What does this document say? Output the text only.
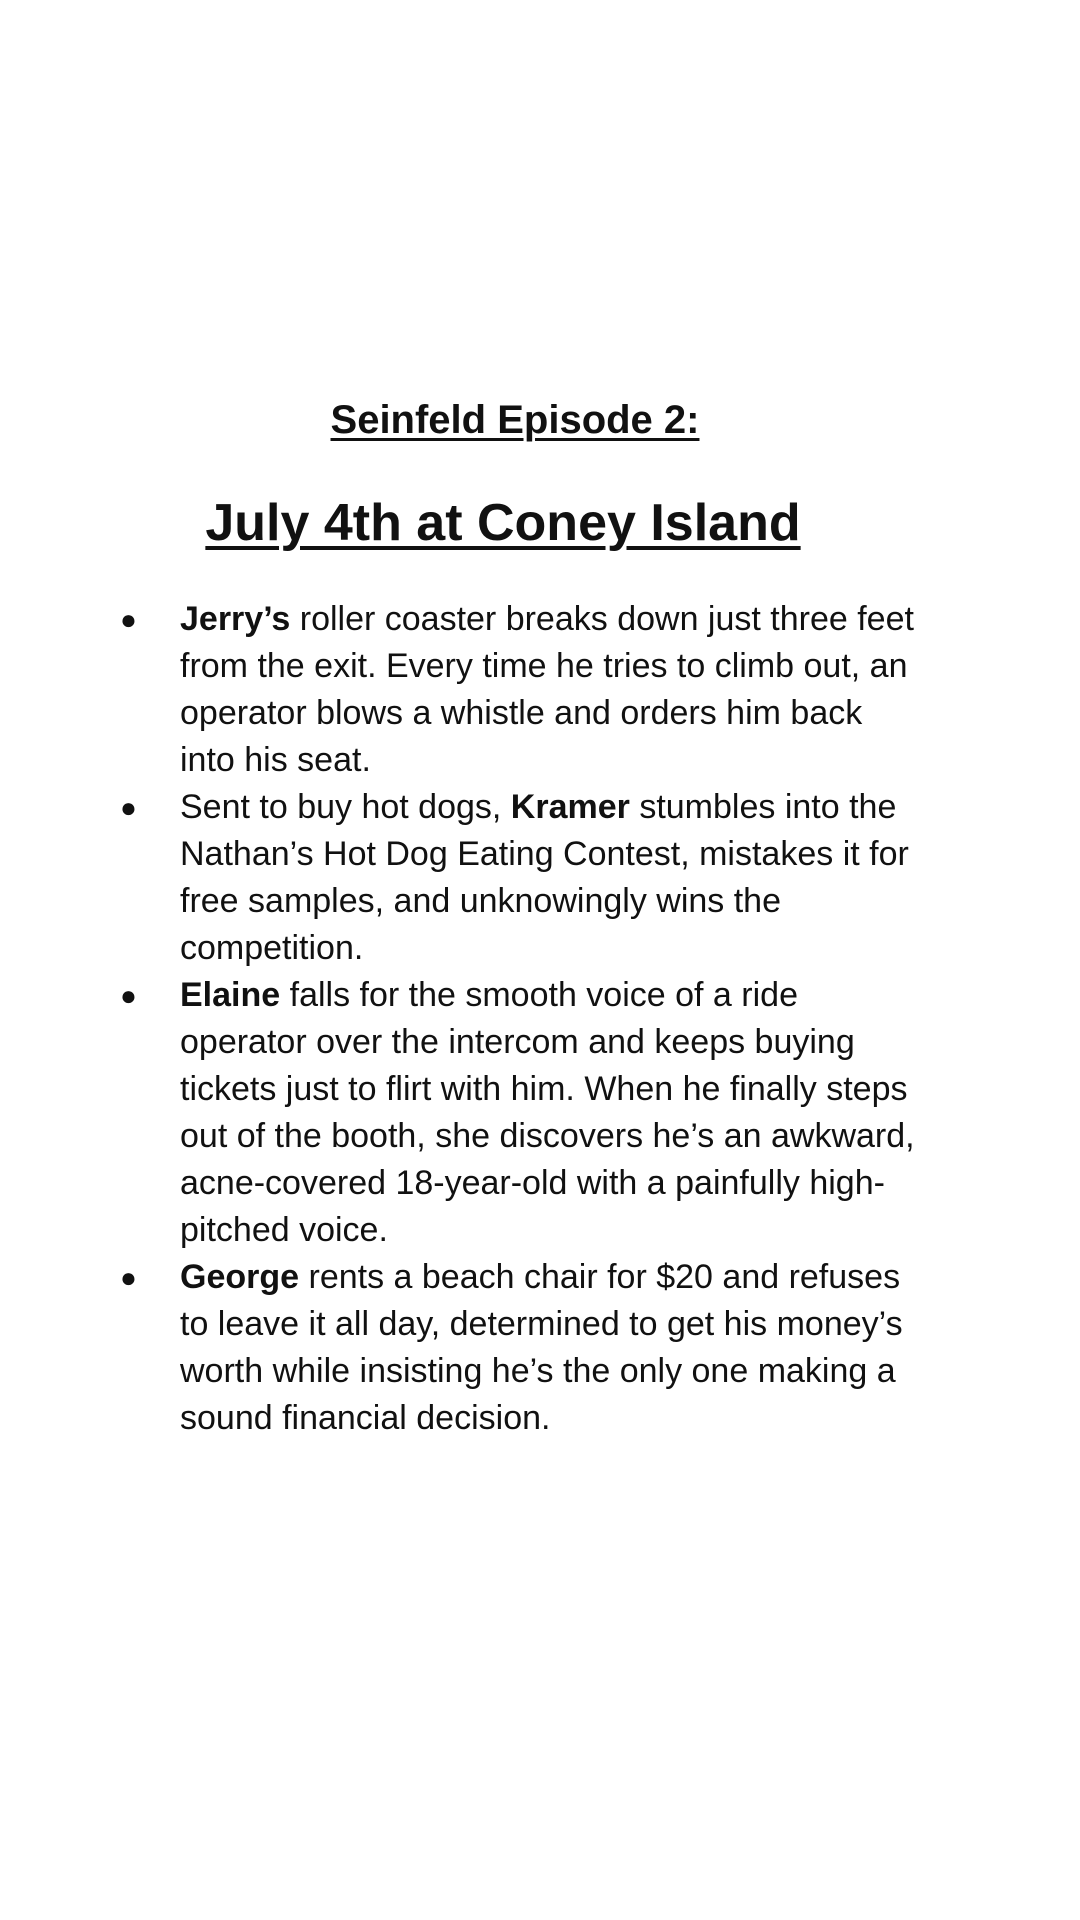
Seinfeld Episode 2:
July 4th at Coney Island
● Jerry’s roller coaster breaks down just three feet from the exit. Every time he tries to climb out, an operator blows a whistle and orders him back into his seat.
● Sent to buy hot dogs, Kramer stumbles into the Nathan’s Hot Dog Eating Contest, mistakes it for free samples, and unknowingly wins the competition.
● Elaine falls for the smooth voice of a ride operator over the intercom and keeps buying tickets just to flirt with him. When he finally steps out of the booth, she discovers he’s an awkward, acne-covered 18-year-old with a painfully high-pitched voice.
● George rents a beach chair for $20 and refuses to leave it all day, determined to get his money’s worth while insisting he’s the only one making a sound financial decision.
